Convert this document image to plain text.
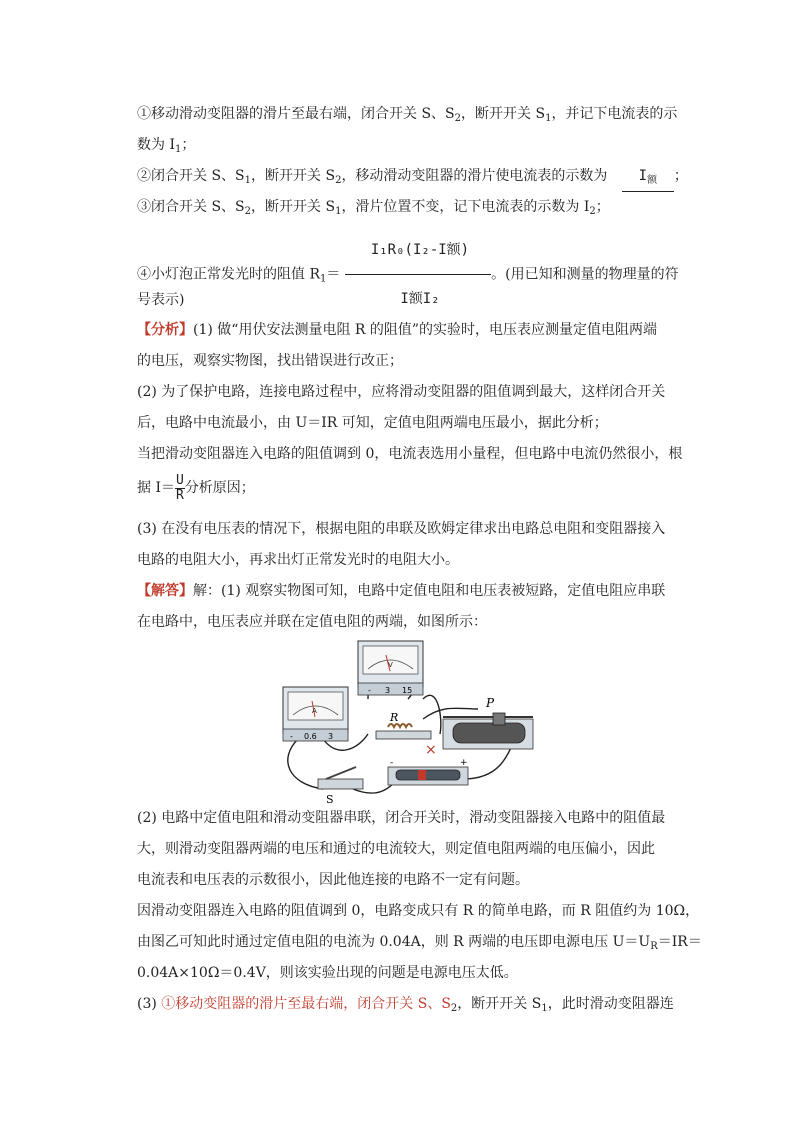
①移动滑动变阻器的滑片至最右端，闭合开关 S、$S_2$，断开开关 $S_1$，并记下电流表的示
数为 $I_1$；
②闭合开关 S、$S_1$，断开开关 $S_2$，移动滑动变阻器的滑片使电流表的示数为 $I_额$ ；
③闭合开关 S、$S_2$，断开开关 $S_1$，滑片位置不变，记下电流表的示数为 $I_2$；
④小灯泡正常发光时的阻值 $R_1= \frac{\text{I₁R₀(I₂-I额)}}{\text{I额I₂}}$ 。(用已知和测量的物理量的符
号表示)
【分析】(1) 做“用伏安法测量电阻 R 的阻值”的实验时，电压表应测量定值电阻两端
的电压，观察实物图，找出错误进行改正；
(2) 为了保护电路，连接电路过程中，应将滑动变阻器的阻值调到最大，这样闭合开关
后，电路中电流最小，由 U＝IR 可知，定值电阻两端电压最小，据此分析；
当把滑动变阻器连入电路的阻值调到 0，电流表选用小量程，但电路中电流仍然很小，根
据 $I= \frac{U}{R}$ 分析原因；
(3) 在没有电压表的情况下，根据电阻的串联及欧姆定律求出电路总电阻和变阻器接入
电路的电阻大小，再求出灯正常发光时的电阻大小。
【解答】解：(1) 观察实物图可知，电路中定值电阻和电压表被短路，定值电阻应串联
在电路中，电压表应并联在定值电阻的两端，如图所示：
V
- 3 15
A
- 0.6 3
R
×
P
S
-	+
(2) 电路中定值电阻和滑动变阻器串联，闭合开关时，滑动变阻器接入电路中的阻值最
大，则滑动变阻器两端的电压和通过的电流较大，则定值电阻两端的电压偏小，因此
电流表和电压表的示数很小，因此他连接的电路不一定有问题。
因滑动变阻器连入电路的阻值调到 0，电路变成只有 R 的简单电路，而 R 阻值约为 10Ω，
由图乙可知此时通过定值电阻的电流为 0.04A，则 R 两端的电压即电源电压 $U=U_R=IR=$
0.04A×10Ω＝0.4V，则该实验出现的问题是电源电压太低。
(3) ①移动变阻器的滑片至最右端，闭合开关 S、$S_2$，断开开关 $S_1$，此时滑动变阻器连
